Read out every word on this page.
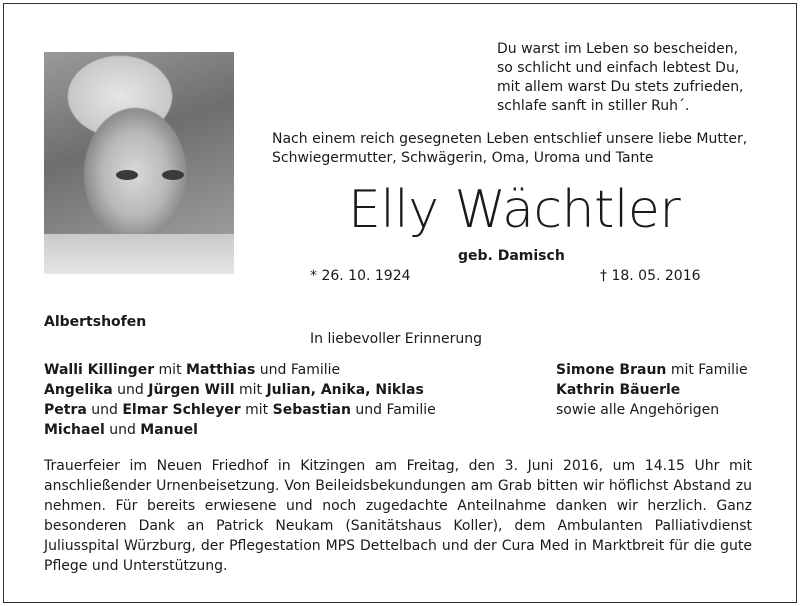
Du warst im Leben so bescheiden,
so schlicht und einfach lebtest Du,
mit allem warst Du stets zufrieden,
schlafe sanft in stiller Ruh´.
Nach einem reich gesegneten Leben entschlief unsere liebe Mutter,
Schwiegermutter, Schwägerin, Oma, Uroma und Tante
Elly Wächtler
geb. Damisch
* 26. 10. 1924	† 18. 05. 2016
Albertshofen
In liebevoller Erinnerung
Walli Killinger mit Matthias und Familie
Angelika und Jürgen Will mit Julian, Anika, Niklas
Petra und Elmar Schleyer mit Sebastian und Familie
Michael und Manuel
Simone Braun mit Familie
Kathrin Bäuerle
sowie alle Angehörigen
Trauerfeier im Neuen Friedhof in Kitzingen am Freitag, den 3. Juni 2016, um 14.15 Uhr mit anschließender Urnenbeisetzung. Von Beileidsbekundungen am Grab bitten wir höflichst Abstand zu nehmen. Für bereits erwiesene und noch zugedachte Anteilnahme danken wir herzlich. Ganz besonderen Dank an Patrick Neukam (Sanitätshaus Koller), dem Ambulanten Palliativdienst Juliusspital Würzburg, der Pflegestation MPS Dettelbach und der Cura Med in Marktbreit für die gute Pflege und Unterstützung.
